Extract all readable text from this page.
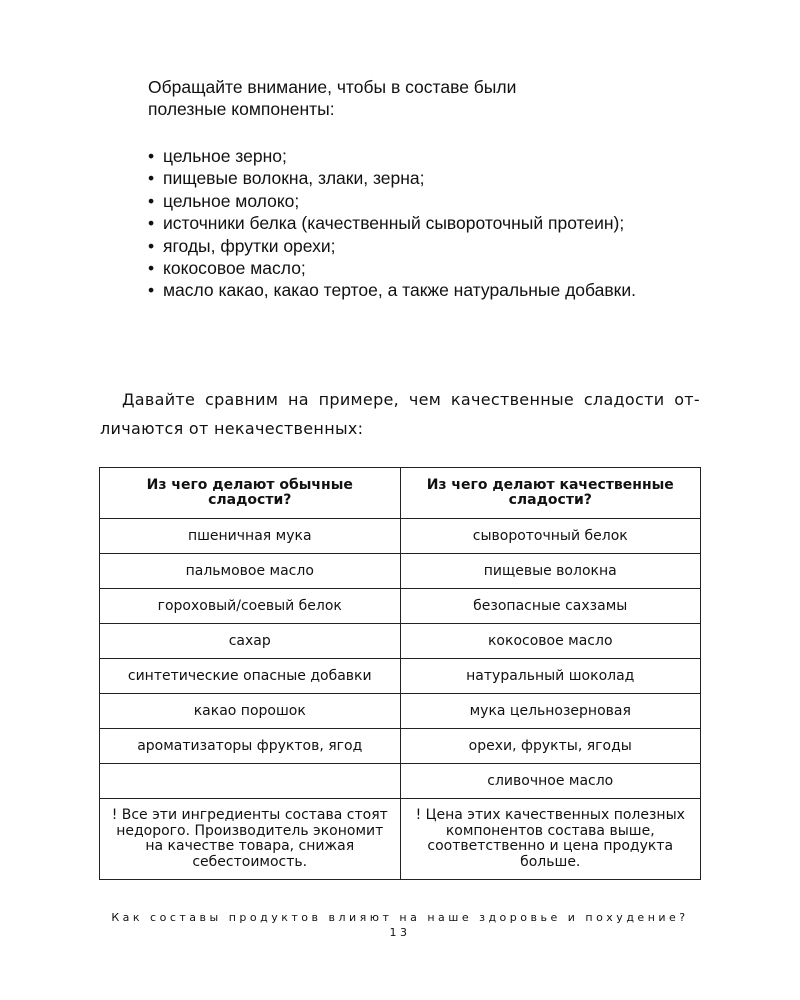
Обращайте внимание, чтобы в составе были

полезные компоненты:

• цельное зерно;
• пищевые волокна, злаки, зерна;
• цельное молоко;
• источники белка (качественный сывороточный протеин);
• ягоды, фрутки орехи;
• кокосовое масло;
• масло какао, какао тертое, а также натуральные добавки.
Давайте сравним на примере, чем качественные сладости от-
личаются от некачественных:
Из чего делают обычные сладости?	Из чего делают качественные сладости?
пшеничная мука	сывороточный белок
пальмовое масло	пищевые волокна
гороховый/соевый белок	безопасные сахзамы
сахар	кокосовое масло
синтетические опасные добавки	натуральный шоколад
какао порошок	мука цельнозерновая
ароматизаторы фруктов, ягод	орехи, фрукты, ягоды
	сливочное масло
! Все эти ингредиенты состава стоят недорого. Производитель экономит на качестве товара, снижая себестоимость.	! Цена этих качественных полезных компонентов состава выше, соответственно и цена продукта больше.
Как составы продуктов влияют на наше здоровье и похудение?
13
